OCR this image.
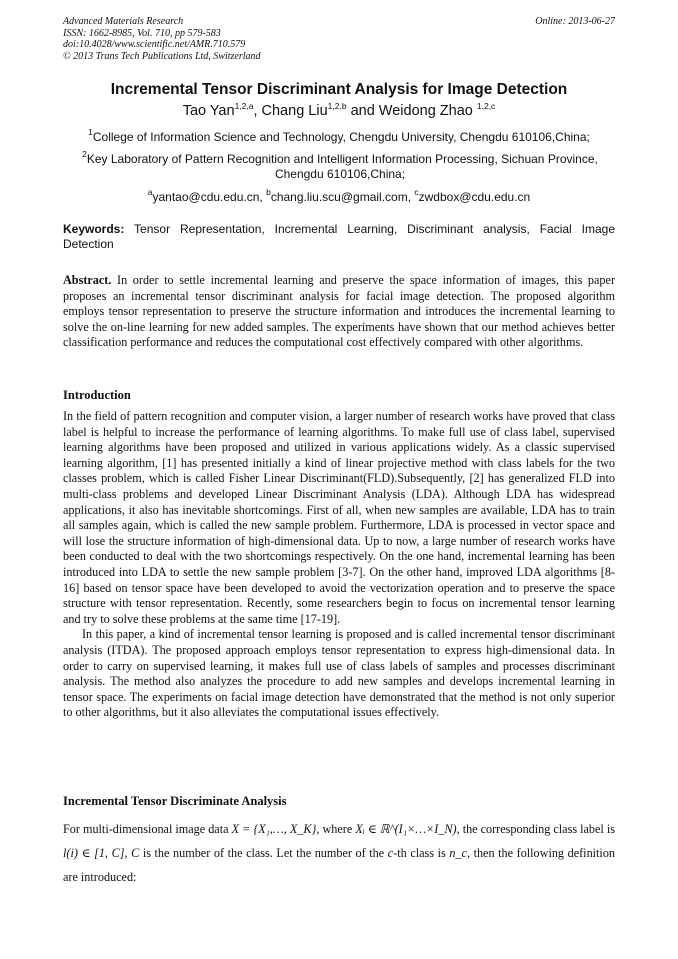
Advanced Materials Research
ISSN: 1662-8985, Vol. 710, pp 579-583
doi:10.4028/www.scientific.net/AMR.710.579
© 2013 Trans Tech Publications Ltd, Switzerland
Online: 2013-06-27
Incremental Tensor Discriminant Analysis for Image Detection
Tao Yan$^{1,2,a}$, Chang Liu$^{1,2,b}$ and Weidong Zhao $^{1,2,c}$
$^1$College of Information Science and Technology, Chengdu University, Chengdu 610106,China;
$^2$Key Laboratory of Pattern Recognition and Intelligent Information Processing, Sichuan Province, Chengdu 610106,China;
$^a$yantao@cdu.edu.cn, $^b$chang.liu.scu@gmail.com, $^c$zwdbox@cdu.edu.cn
Keywords: Tensor Representation, Incremental Learning, Discriminant analysis, Facial Image Detection
Abstract. In order to settle incremental learning and preserve the space information of images, this paper proposes an incremental tensor discriminant analysis for facial image detection. The proposed algorithm employs tensor representation to preserve the structure information and introduces the incremental learning to solve the on-line learning for new added samples. The experiments have shown that our method achieves better classification performance and reduces the computational cost effectively compared with other algorithms.
Introduction
In the field of pattern recognition and computer vision, a larger number of research works have proved that class label is helpful to increase the performance of learning algorithms. To make full use of class label, supervised learning algorithms have been proposed and utilized in various applications widely. As a classic supervised learning algorithm, [1] has presented initially a kind of linear projective method with class labels for the two classes problem, which is called Fisher Linear Discriminant(FLD).Subsequently, [2] has generalized FLD into multi-class problems and developed Linear Discriminant Analysis (LDA). Although LDA has widespread applications, it also has inevitable shortcomings. First of all, when new samples are available, LDA has to train all samples again, which is called the new sample problem. Furthermore, LDA is processed in vector space and will lose the structure information of high-dimensional data. Up to now, a large number of research works have been conducted to deal with the two shortcomings respectively. On the one hand, incremental learning has been introduced into LDA to settle the new sample problem [3-7]. On the other hand, improved LDA algorithms [8-16] based on tensor space have been developed to avoid the vectorization operation and to preserve the space structure with tensor representation. Recently, some researchers begin to focus on incremental tensor learning and try to solve these problems at the same time [17-19].
In this paper, a kind of incremental tensor learning is proposed and is called incremental tensor discriminant analysis (ITDA). The proposed approach employs tensor representation to express high-dimensional data. In order to carry on supervised learning, it makes full use of class labels of samples and processes discriminant analysis. The method also analyzes the procedure to add new samples and develops incremental learning in tensor space. The experiments on facial image detection have demonstrated that the method is not only superior to other algorithms, but it also alleviates the computational issues effectively.
Incremental Tensor Discriminate Analysis
For multi-dimensional image data X = {X₁,…, X_K}, where Xᵢ ∈ ℝ^(I₁×…×I_N), the corresponding class label is l(i) ∈ [1, C], C is the number of the class. Let the number of the c-th class is n_c, then the following definition are introduced:
